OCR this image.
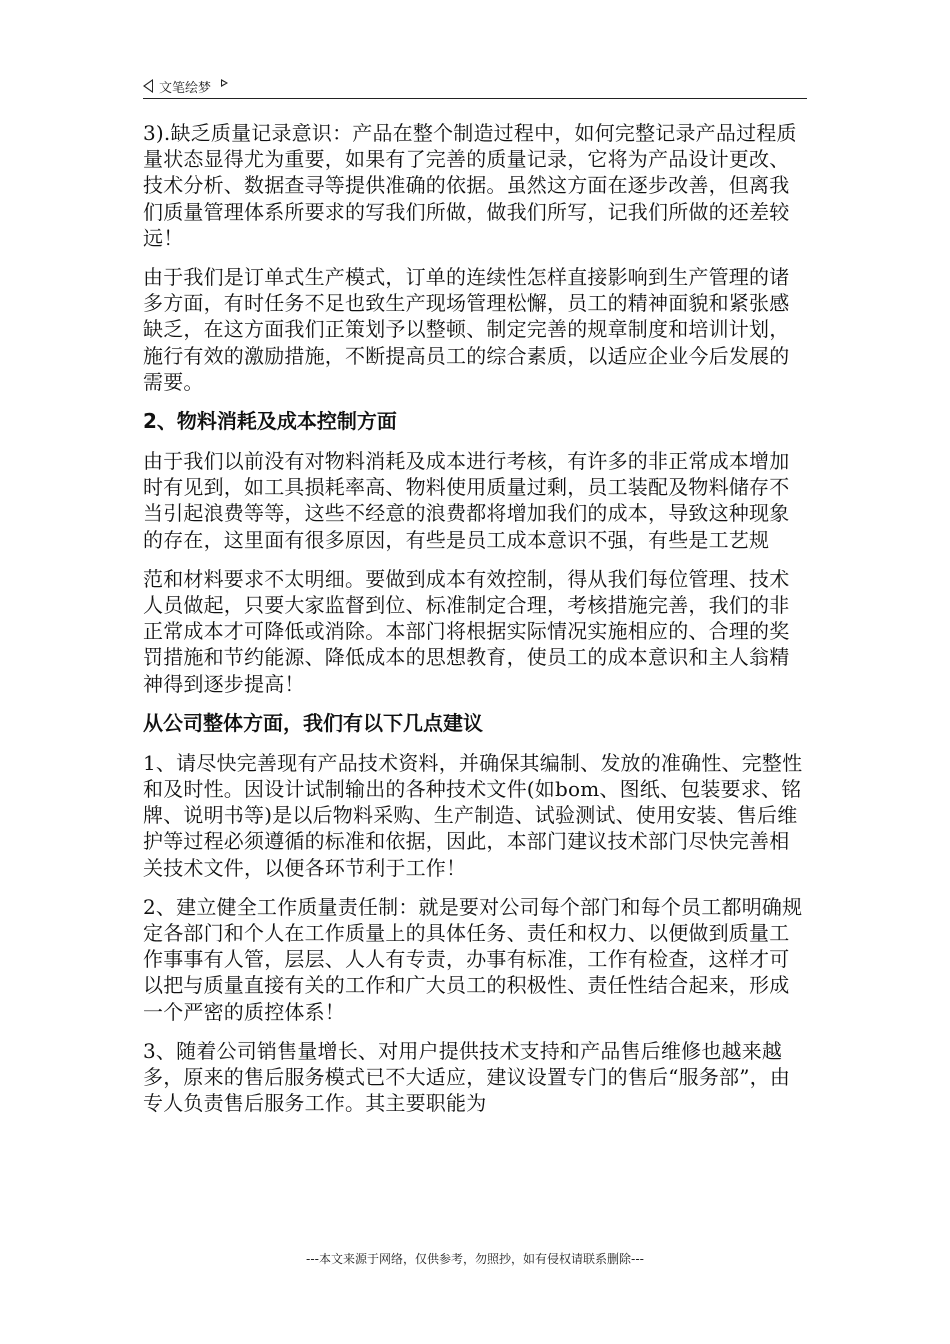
文笔绘梦

3).缺乏质量记录意识：产品在整个制造过程中，如何完整记录产品过程质量状态显得尤为重要，如果有了完善的质量记录，它将为产品设计更改、技术分析、数据查寻等提供准确的依据。虽然这方面在逐步改善，但离我们质量管理体系所要求的写我们所做，做我们所写，记我们所做的还差较远！

由于我们是订单式生产模式，订单的连续性怎样直接影响到生产管理的诸多方面，有时任务不足也致生产现场管理松懈，员工的精神面貌和紧张感缺乏，在这方面我们正策划予以整顿、制定完善的规章制度和培训计划，施行有效的激励措施，不断提高员工的综合素质，以适应企业今后发展的需要。

2、物料消耗及成本控制方面

由于我们以前没有对物料消耗及成本进行考核，有许多的非正常成本增加时有见到，如工具损耗率高、物料使用质量过剩，员工装配及物料储存不当引起浪费等等，这些不经意的浪费都将增加我们的成本，导致这种现象的存在，这里面有很多原因，有些是员工成本意识不强，有些是工艺规

范和材料要求不太明细。要做到成本有效控制，得从我们每位管理、技术人员做起，只要大家监督到位、标准制定合理，考核措施完善，我们的非正常成本才可降低或消除。本部门将根据实际情况实施相应的、合理的奖罚措施和节约能源、降低成本的思想教育，使员工的成本意识和主人翁精神得到逐步提高！

从公司整体方面，我们有以下几点建议

1、请尽快完善现有产品技术资料，并确保其编制、发放的准确性、完整性和及时性。因设计试制输出的各种技术文件(如bom、图纸、包装要求、铭牌、说明书等)是以后物料采购、生产制造、试验测试、使用安装、售后维护等过程必须遵循的标准和依据，因此，本部门建议技术部门尽快完善相关技术文件，以便各环节利于工作！

2、建立健全工作质量责任制：就是要对公司每个部门和每个员工都明确规定各部门和个人在工作质量上的具体任务、责任和权力、以便做到质量工作事事有人管，层层、人人有专责，办事有标准，工作有检查，这样才可以把与质量直接有关的工作和广大员工的积极性、责任性结合起来，形成一个严密的质控体系！

3、随着公司销售量增长、对用户提供技术支持和产品售后维修也越来越多，原来的售后服务模式已不大适应，建议设置专门的售后“服务部”，由专人负责售后服务工作。其主要职能为

---本文来源于网络，仅供参考，勿照抄，如有侵权请联系删除---
